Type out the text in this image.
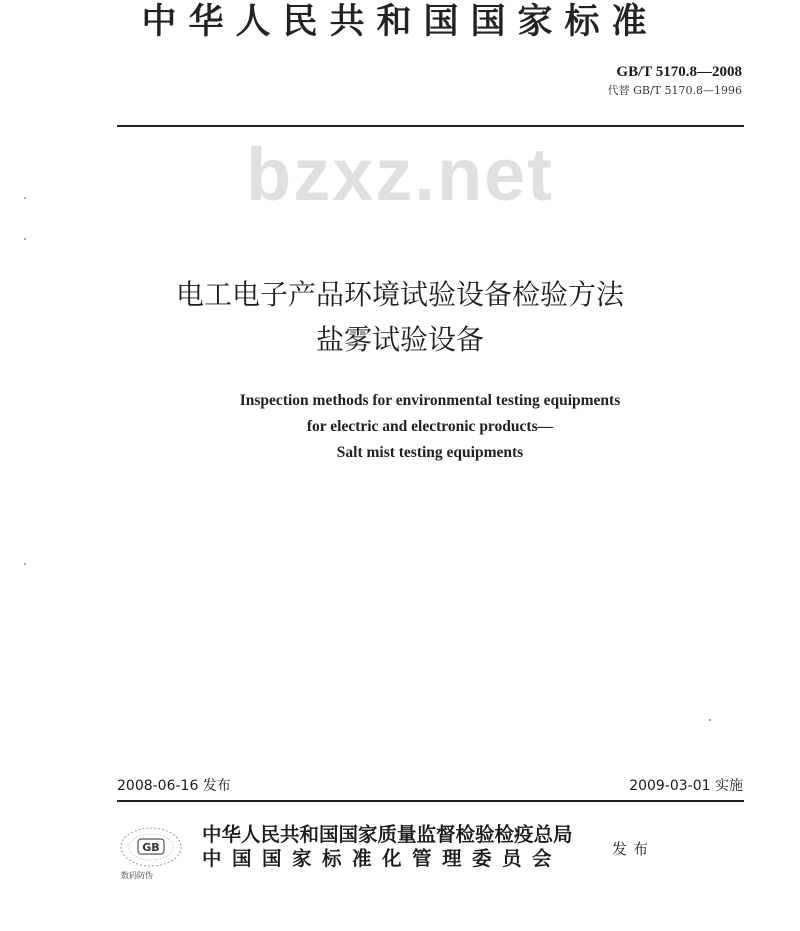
中华人民共和国国家标准
GB/T 5170.8—2008
代替 GB/T 5170.8—1996
bzxz.net
电工电子产品环境试验设备检验方法
盐雾试验设备
Inspection methods for environmental testing equipments
for electric and electronic products—
Salt mist testing equipments
2008-06-16 发布	2009-03-01 实施
GB
数码防伪
中华人民共和国国家质量监督检验检疫总局
中国国家标准化管理委员会	发布
